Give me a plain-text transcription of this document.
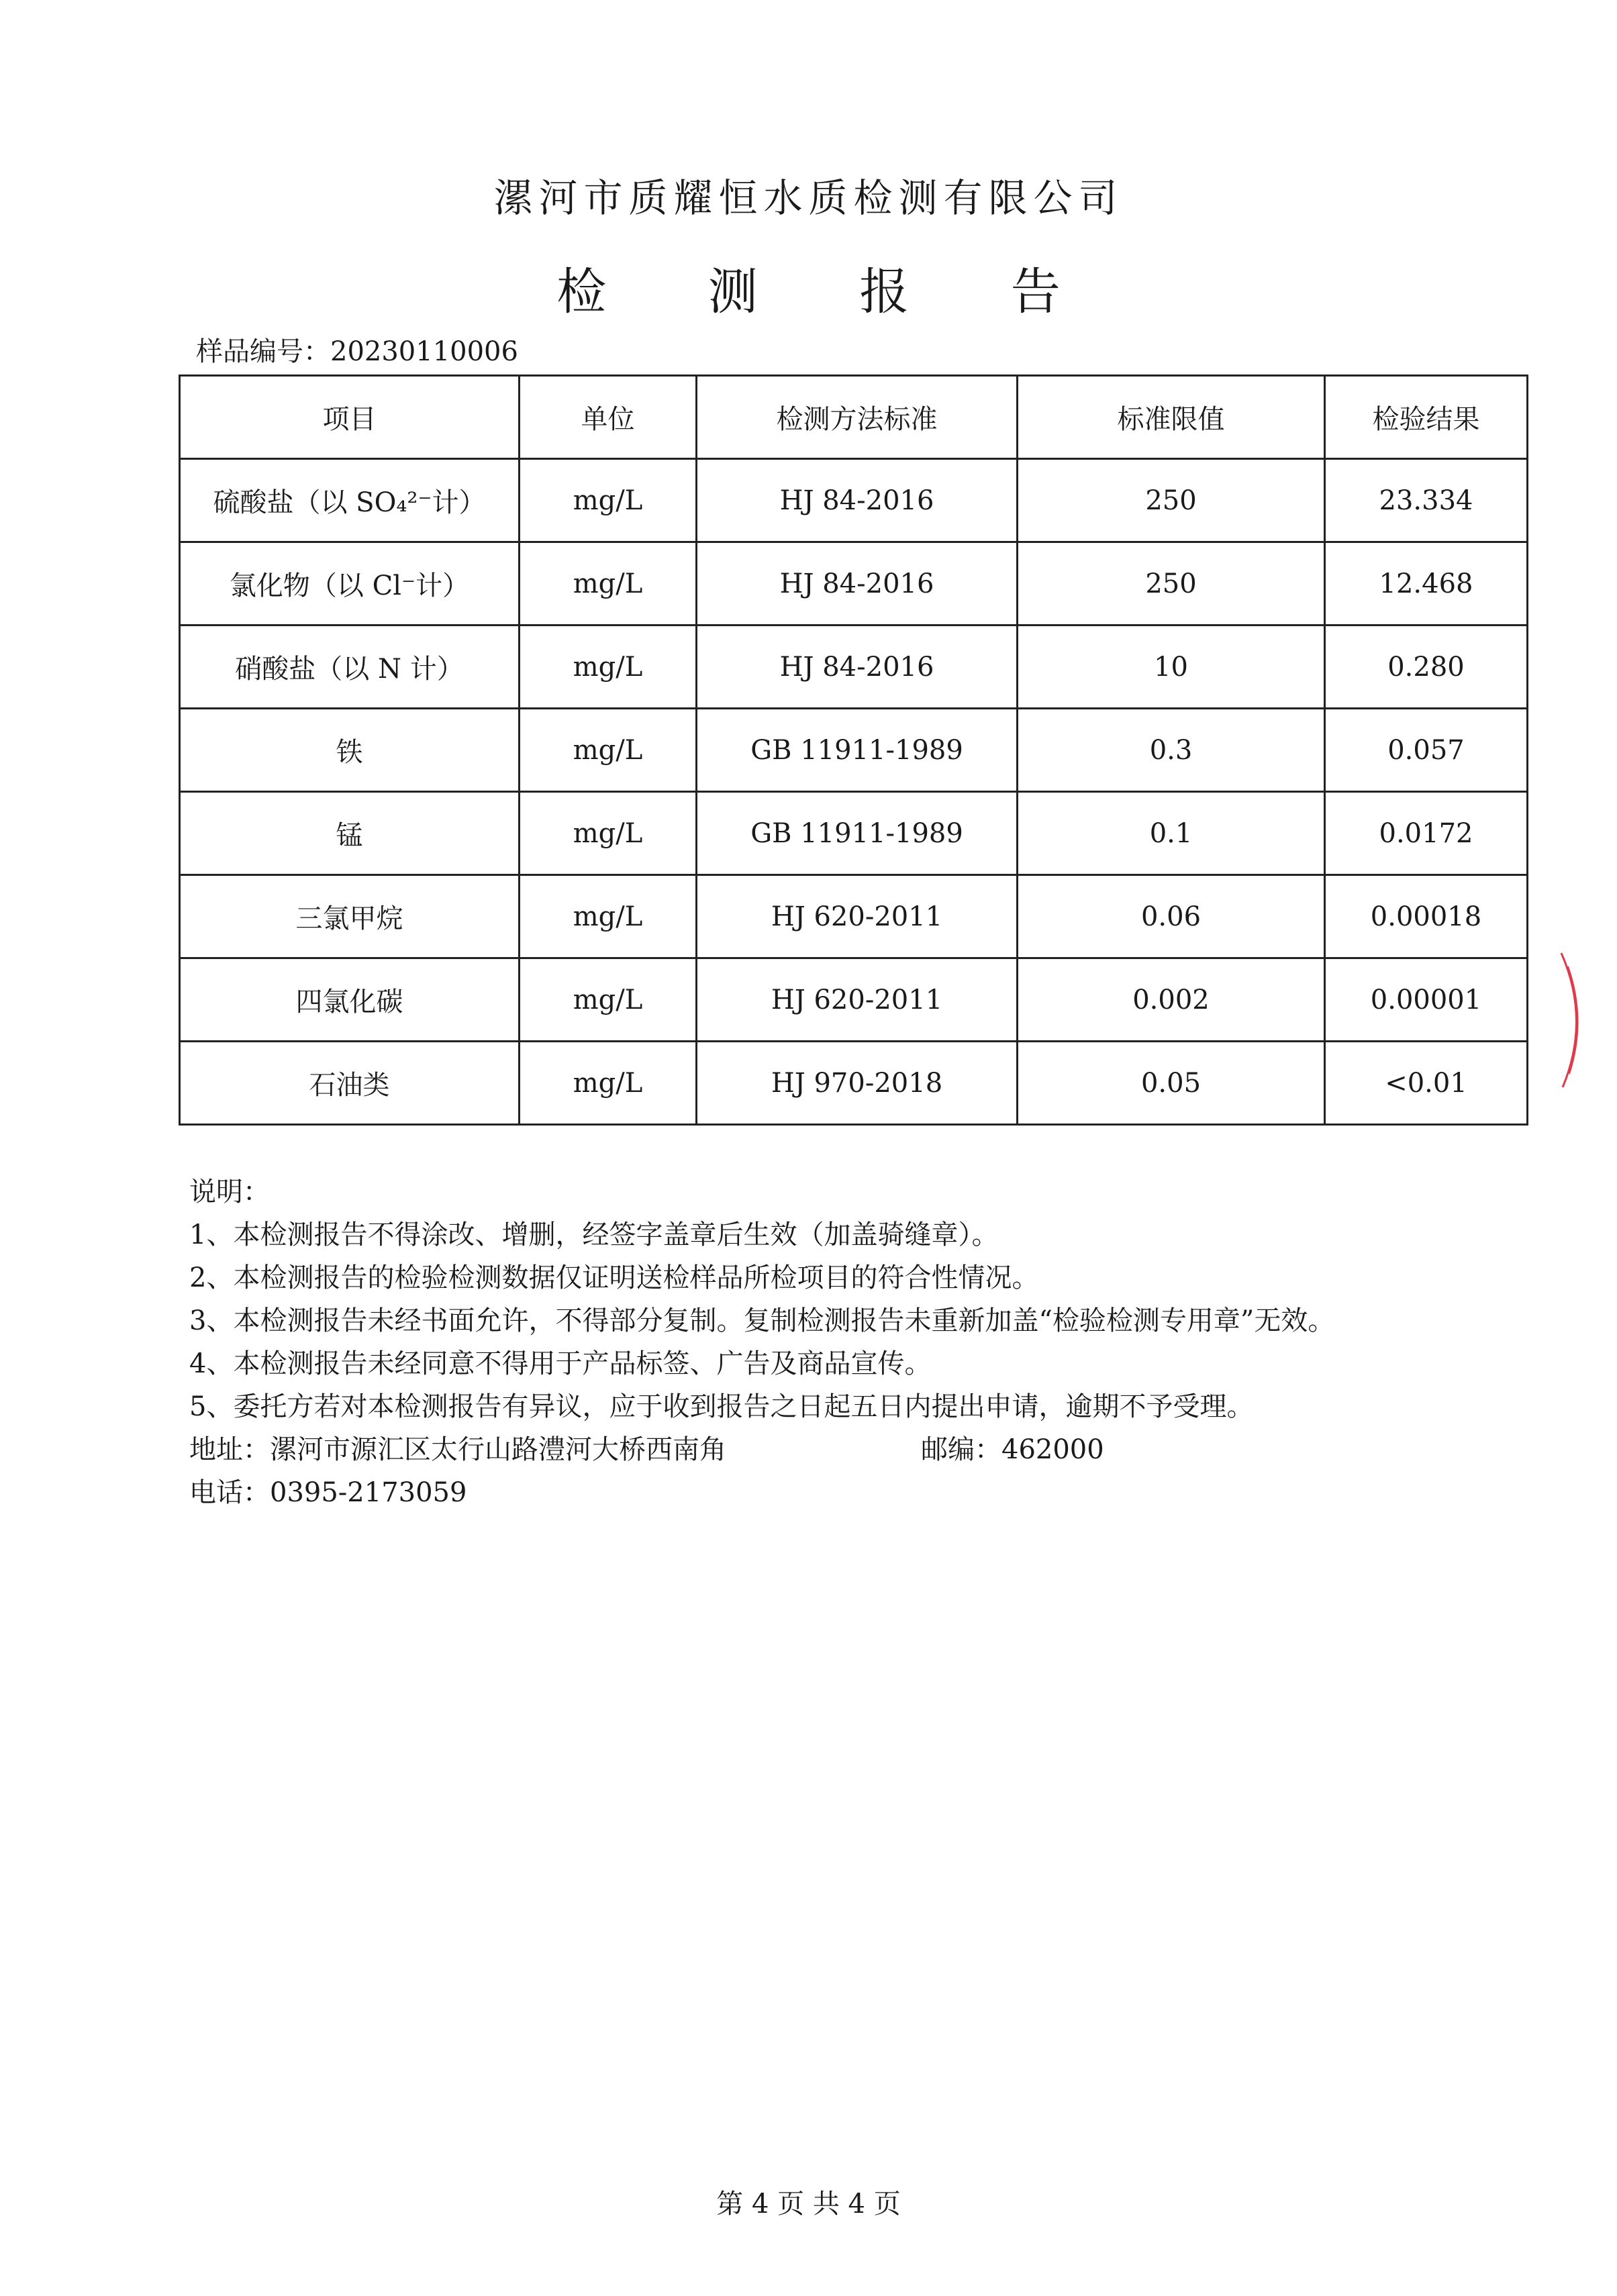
漯河市质耀恒水质检测有限公司
检 测 报 告
样品编号：20230110006
项目	单位	检测方法标准	标准限值	检验结果
硫酸盐（以 SO₄²⁻计）	mg/L	HJ 84-2016	250	23.334
氯化物（以 Cl⁻计）	mg/L	HJ 84-2016	250	12.468
硝酸盐（以 N 计）	mg/L	HJ 84-2016	10	0.280
铁	mg/L	GB 11911-1989	0.3	0.057
锰	mg/L	GB 11911-1989	0.1	0.0172
三氯甲烷	mg/L	HJ 620-2011	0.06	0.00018
四氯化碳	mg/L	HJ 620-2011	0.002	0.00001
石油类	mg/L	HJ 970-2018	0.05	<0.01
说明：
1、本检测报告不得涂改、增删，经签字盖章后生效（加盖骑缝章）。
2、本检测报告的检验检测数据仅证明送检样品所检项目的符合性情况。
3、本检测报告未经书面允许，不得部分复制。复制检测报告未重新加盖“检验检测专用章”无效。
4、本检测报告未经同意不得用于产品标签、广告及商品宣传。
5、委托方若对本检测报告有异议，应于收到报告之日起五日内提出申请，逾期不予受理。
地址：漯河市源汇区太行山路澧河大桥西南角	邮编：462000
电话：0395-2173059
第 4 页 共 4 页
